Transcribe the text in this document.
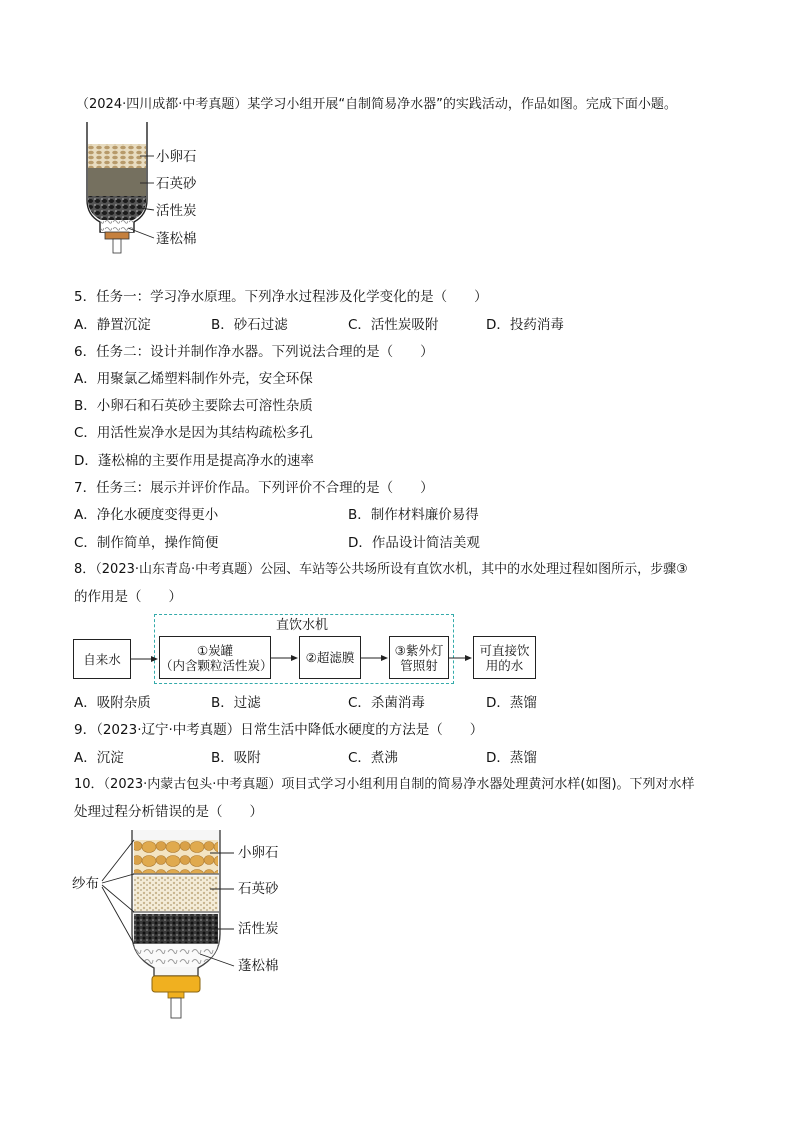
（2024·四川成都·中考真题）某学习小组开展“自制简易净水器”的实践活动，作品如图。完成下面小题。
小卵石
石英砂
活性炭
蓬松棉
5．任务一：学习净水原理。下列净水过程涉及化学变化的是（　　）
A．静置沉淀	B．砂石过滤	C．活性炭吸附	D．投药消毒
6．任务二：设计并制作净水器。下列说法合理的是（　　）
A．用聚氯乙烯塑料制作外壳，安全环保
B．小卵石和石英砂主要除去可溶性杂质
C．用活性炭净水是因为其结构疏松多孔
D．蓬松棉的主要作用是提高净水的速率
7．任务三：展示并评价作品。下列评价不合理的是（　　）
A．净化水硬度变得更小	B．制作材料廉价易得
C．制作简单，操作简便	D．作品设计简洁美观
8．（2023·山东青岛·中考真题）公园、车站等公共场所设有直饮水机，其中的水处理过程如图所示，步骤③
的作用是（　　）
直饮水机
自来水
①炭罐
（内含颗粒活性炭）	②超滤膜	③紫外灯
管照射
可直接饮
用的水
A．吸附杂质	B．过滤	C．杀菌消毒	D．蒸馏
9．（2023·辽宁·中考真题）日常生活中降低水硬度的方法是（　　）
A．沉淀	B．吸附	C．煮沸	D．蒸馏
10．（2023·内蒙古包头·中考真题）项目式学习小组利用自制的简易净水器处理黄河水样(如图)。下列对水样
处理过程分析错误的是（　　）
纱布
小卵石
石英砂
活性炭
蓬松棉
